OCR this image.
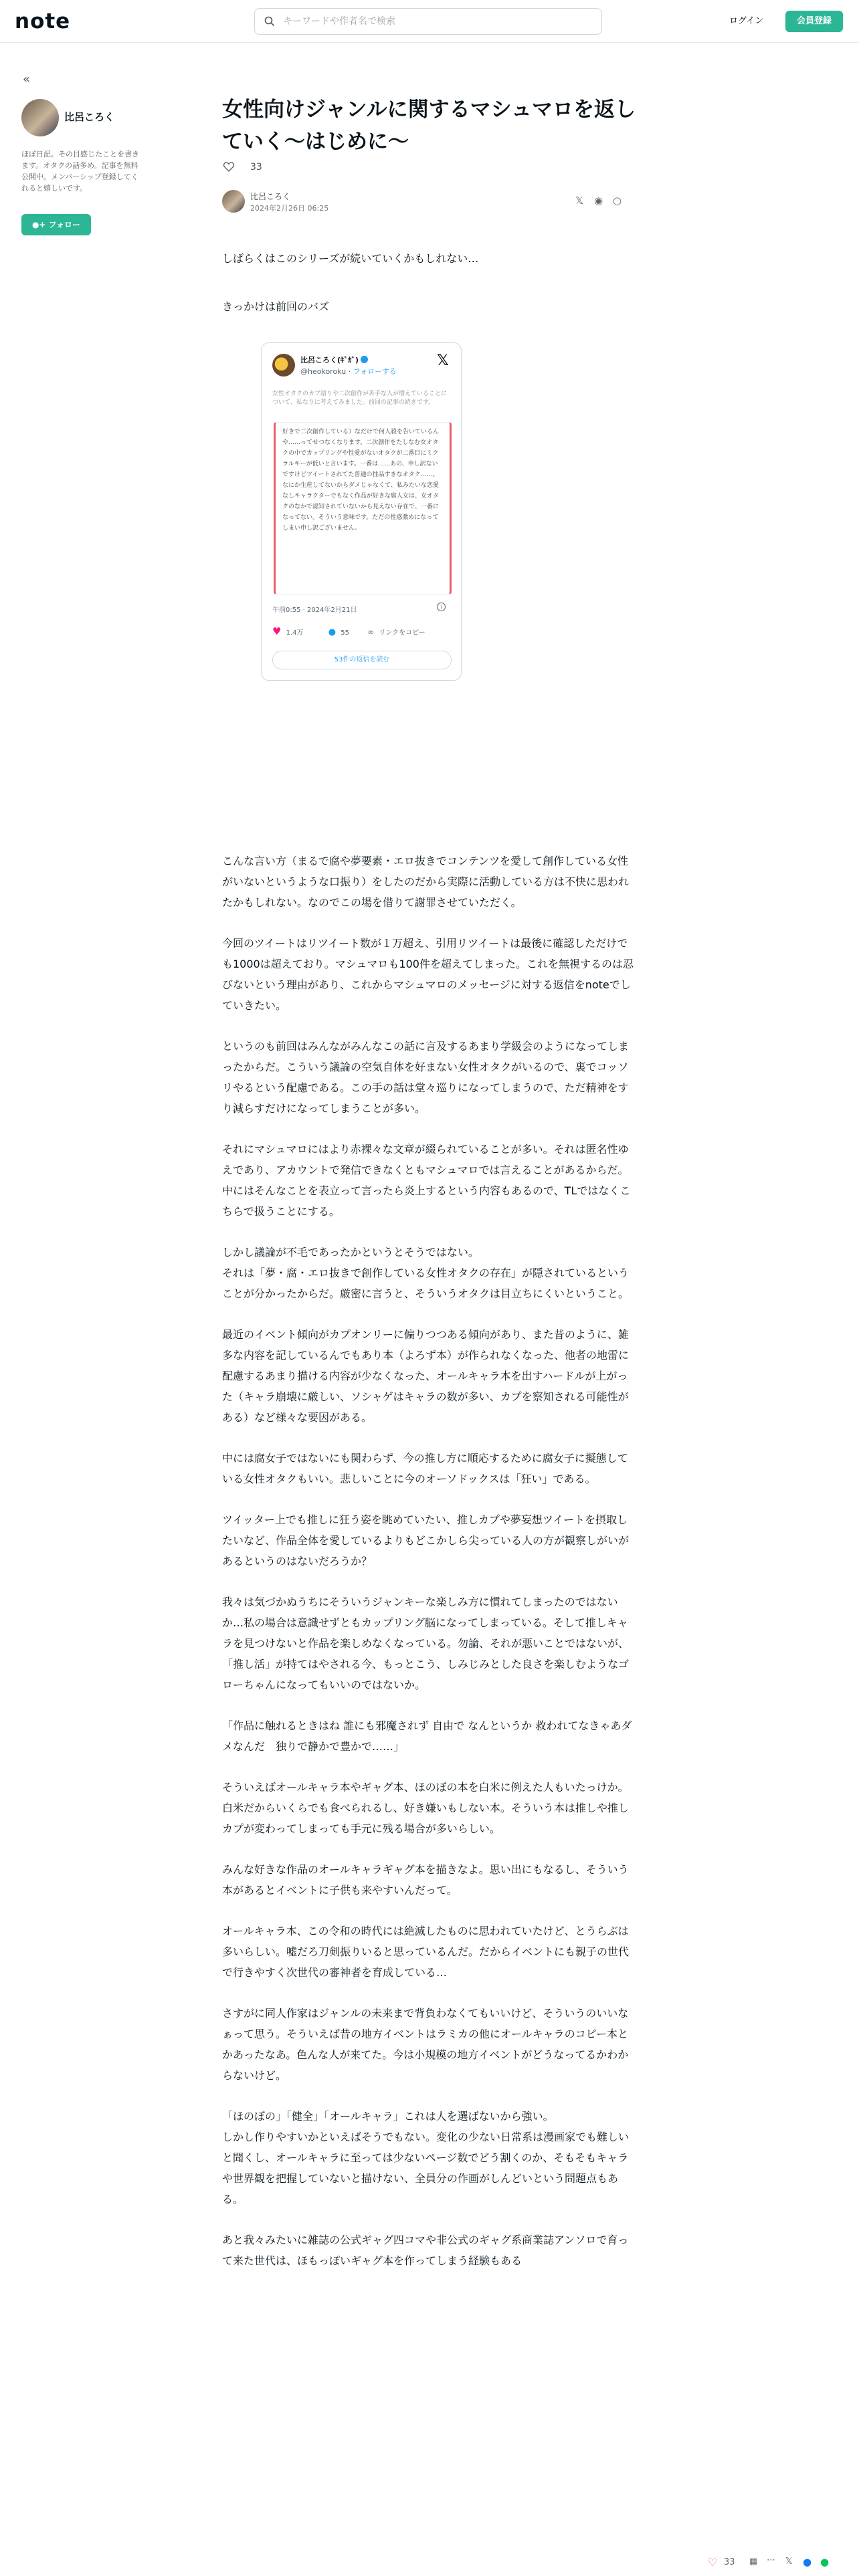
note
キーワードや作者名で検索	ログイン	会員登録
«
比呂ころく
ほぼ日記。その目感じたことを書きます。オタクの話多め。記事を無料公開中。メンバーシップ登録してくれると嬉しいです。
●+ フォロー
女性向けジャンルに関するマシュマロを返していく〜はじめに〜
33
比呂ころく
2024年2月26日 06:25
𝕏 ◉ ○
しばらくはこのシリーズが続いていくかもしれない…
きっかけは前回のバズ
比呂ころく(ｷﾞｶﾞ)
@heokoroku · フォローする
𝕏
女性オタクのカプ語りや二次創作が苦手な人が増えていることについて、私なりに考えてみました。前回の記事の続きです。
好きで二次創作している）なだけで何人殺を告いているんや……ってせつなくなります。二次創作をたしなむ女オタクの中でカップリングや性愛がないオタクが二番目にミクラルキーが低いと言います。一番は……あの、申し訳ないですけどツイートされてた普通の性品すきなオタク……。なにか生産してないからダメじゃなくて、私みたいな恋愛なしキャラクターでもなく作品が好きな腐人女は、女オタクのなかで認知されていないから見えない存在で、一番になってない。そういう意味です。ただの性感激めになってしまい申し訳ございません。
午前0:55 · 2024年2月21日	i
♥ 1.4万	● 55 ∞ リンクをコピー
53件の返信を読む

こんな言い方（まるで腐や夢要素・エロ抜きでコンテンツを愛して創作している女性がいないというような口振り）をしたのだから実際に活動している方は不快に思われたかもしれない。なのでこの場を借りて謝罪させていただく。

今回のツイートはリツイート数が１万超え、引用リツイートは最後に確認しただけでも1000は超えており。マシュマロも100件を超えてしまった。これを無視するのは忍びないという理由があり、これからマシュマロのメッセージに対する返信をnoteでしていきたい。

というのも前回はみんながみんなこの話に言及するあまり学級会のようになってしまったからだ。こういう議論の空気自体を好まない女性オタクがいるので、裏でコッソリやるという配慮である。この手の話は堂々巡りになってしまうので、ただ精神をすり減らすだけになってしまうことが多い。

それにマシュマロにはより赤裸々な文章が綴られていることが多い。それは匿名性ゆえであり、アカウントで発信できなくともマシュマロでは言えることがあるからだ。中にはそんなことを表立って言ったら炎上するという内容もあるので、TLではなくこちらで扱うことにする。

しかし議論が不毛であったかというとそうではない。
それは「夢・腐・エロ抜きで創作している女性オタクの存在」が隠されているということが分かったからだ。厳密に言うと、そういうオタクは目立ちにくいということ。

最近のイベント傾向がカプオンリーに偏りつつある傾向があり、また昔のように、雑多な内容を記しているんでもあり本（よろず本）が作られなくなった、他者の地雷に配慮するあまり描ける内容が少なくなった、オールキャラ本を出すハードルが上がった（キャラ崩壊に厳しい、ソシャゲはキャラの数が多い、カプを察知される可能性がある）など様々な要因がある。

中には腐女子ではないにも関わらず、今の推し方に順応するために腐女子に擬態している女性オタクもいい。悲しいことに今のオーソドックスは「狂い」である。

ツイッター上でも推しに狂う姿を眺めていたい、推しカプや夢妄想ツイートを摂取したいなど、作品全体を愛しているよりもどこかしら尖っている人の方が観察しがいがあるというのはないだろうか？

我々は気づかぬうちにそういうジャンキーな楽しみ方に慣れてしまったのではないか…私の場合は意識せずともカップリング脳になってしまっている。そして推しキャラを見つけないと作品を楽しめなくなっている。勿論、それが悪いことではないが、「推し活」が持てはやされる今、もっとこう、しみじみとした良さを楽しむようなゴローちゃんになってもいいのではないか。

「作品に触れるときはね 誰にも邪魔されず 自由で なんというか 救われてなきゃあダメなんだ　独りで静かで豊かで……」

そういえばオールキャラ本やギャグ本、ほのぼの本を白米に例えた人もいたっけか。白米だからいくらでも食べられるし、好き嫌いもしない本。そういう本は推しや推しカプが変わってしまっても手元に残る場合が多いらしい。

みんな好きな作品のオールキャラギャグ本を描きなよ。思い出にもなるし、そういう本があるとイベントに子供も来やすいんだって。

オールキャラ本、この令和の時代には絶滅したものに思われていたけど、とうらぶは多いらしい。嘘だろ刀剣振りいると思っているんだ。だからイベントにも親子の世代で行きやすく次世代の審神者を育成している…

さすがに同人作家はジャンルの未来まで背負わなくてもいいけど、そういうのいいなぁって思う。そういえば昔の地方イベントはラミカの他にオールキャラのコピー本とかあったなあ。色んな人が来てた。今は小規模の地方イベントがどうなってるかわからないけど。

「ほのぼの」「健全」「オールキャラ」これは人を選ばないから強い。
しかし作りやすいかといえばそうでもない。変化の少ない日常系は漫画家でも難しいと聞くし、オールキャラに至っては少ないページ数でどう割くのか、そもそもキャラや世界観を把握していないと描けない、全員分の作画がしんどいという問題点もある。

あと我々みたいに雑誌の公式ギャグ四コマや非公式のギャグ系商業誌アンソロで育って来た世代は、ほもっぽいギャグ本を作ってしまう経験もある

♡ 33 ▦ ⋯ 𝕏 ● ●
